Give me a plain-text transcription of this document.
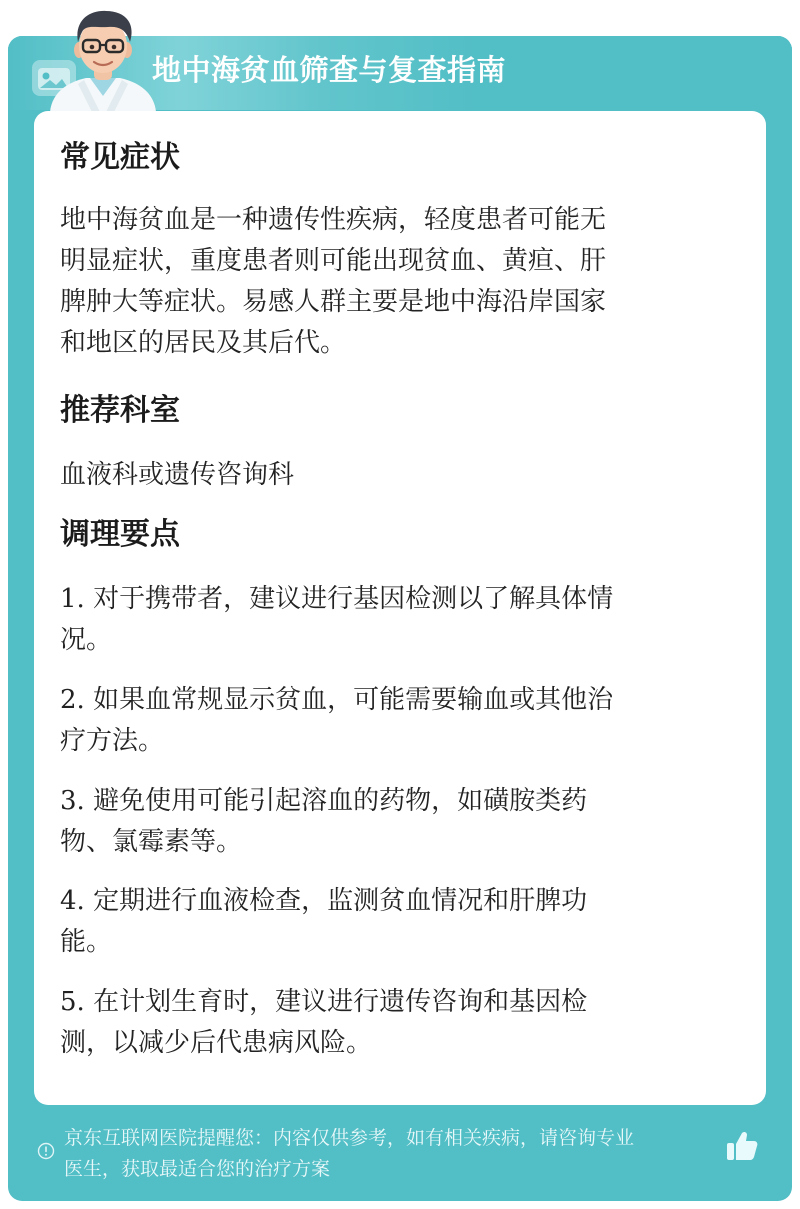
地中海贫血筛查与复查指南
常见症状
地中海贫血是一种遗传性疾病，轻度患者可能无
明显症状，重度患者则可能出现贫血、黄疸、肝
脾肿大等症状。易感人群主要是地中海沿岸国家
和地区的居民及其后代。
推荐科室
血液科或遗传咨询科
调理要点
1. 对于携带者，建议进行基因检测以了解具体情
况。
2. 如果血常规显示贫血，可能需要输血或其他治
疗方法。
3. 避免使用可能引起溶血的药物，如磺胺类药
物、氯霉素等。
4. 定期进行血液检查，监测贫血情况和肝脾功
能。
5. 在计划生育时，建议进行遗传咨询和基因检
测，以减少后代患病风险。
京东互联网医院提醒您：内容仅供参考，如有相关疾病，请咨询专业
医生，获取最适合您的治疗方案
